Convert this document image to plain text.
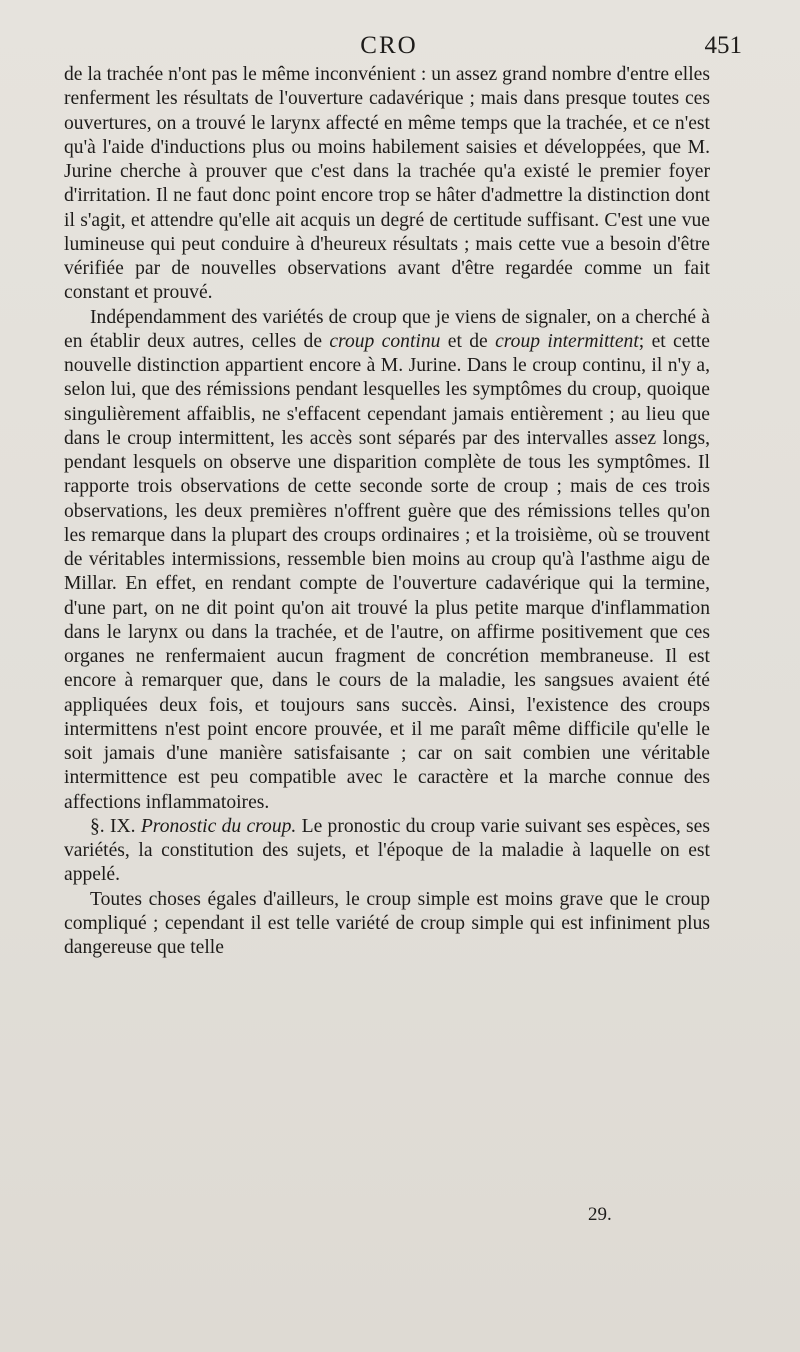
CRO	451

de la trachée n'ont pas le même inconvénient : un assez grand nombre d'entre elles renferment les résultats de l'ouverture cadavérique ; mais dans presque toutes ces ouvertures, on a trouvé le larynx affecté en même temps que la trachée, et ce n'est qu'à l'aide d'inductions plus ou moins habilement saisies et développées, que M. Jurine cherche à prouver que c'est dans la trachée qu'a existé le premier foyer d'irritation. Il ne faut donc point encore trop se hâter d'admettre la distinction dont il s'agit, et attendre qu'elle ait acquis un degré de certitude suffisant. C'est une vue lumineuse qui peut conduire à d'heureux résultats ; mais cette vue a besoin d'être vérifiée par de nouvelles observations avant d'être regardée comme un fait constant et prouvé.

Indépendamment des variétés de croup que je viens de signaler, on a cherché à en établir deux autres, celles de croup continu et de croup intermittent; et cette nouvelle distinction appartient encore à M. Jurine. Dans le croup continu, il n'y a, selon lui, que des rémissions pendant lesquelles les symptômes du croup, quoique singulièrement affaiblis, ne s'effacent cependant jamais entièrement ; au lieu que dans le croup intermittent, les accès sont séparés par des intervalles assez longs, pendant lesquels on observe une disparition complète de tous les symptômes. Il rapporte trois observations de cette seconde sorte de croup ; mais de ces trois observations, les deux premières n'offrent guère que des rémissions telles qu'on les remarque dans la plupart des croups ordinaires ; et la troisième, où se trouvent de véritables intermissions, ressemble bien moins au croup qu'à l'asthme aigu de Millar. En effet, en rendant compte de l'ouverture cadavérique qui la termine, d'une part, on ne dit point qu'on ait trouvé la plus petite marque d'inflammation dans le larynx ou dans la trachée, et de l'autre, on affirme positivement que ces organes ne renfermaient aucun fragment de concrétion membraneuse. Il est encore à remarquer que, dans le cours de la maladie, les sangsues avaient été appliquées deux fois, et toujours sans succès. Ainsi, l'existence des croups intermittens n'est point encore prouvée, et il me paraît même difficile qu'elle le soit jamais d'une manière satisfaisante ; car on sait combien une véritable intermittence est peu compatible avec le caractère et la marche connue des affections inflammatoires.

§. IX. Pronostic du croup. Le pronostic du croup varie suivant ses espèces, ses variétés, la constitution des sujets, et l'époque de la maladie à laquelle on est appelé.

Toutes choses égales d'ailleurs, le croup simple est moins grave que le croup compliqué ; cependant il est telle variété de croup simple qui est infiniment plus dangereuse que telle

29.
